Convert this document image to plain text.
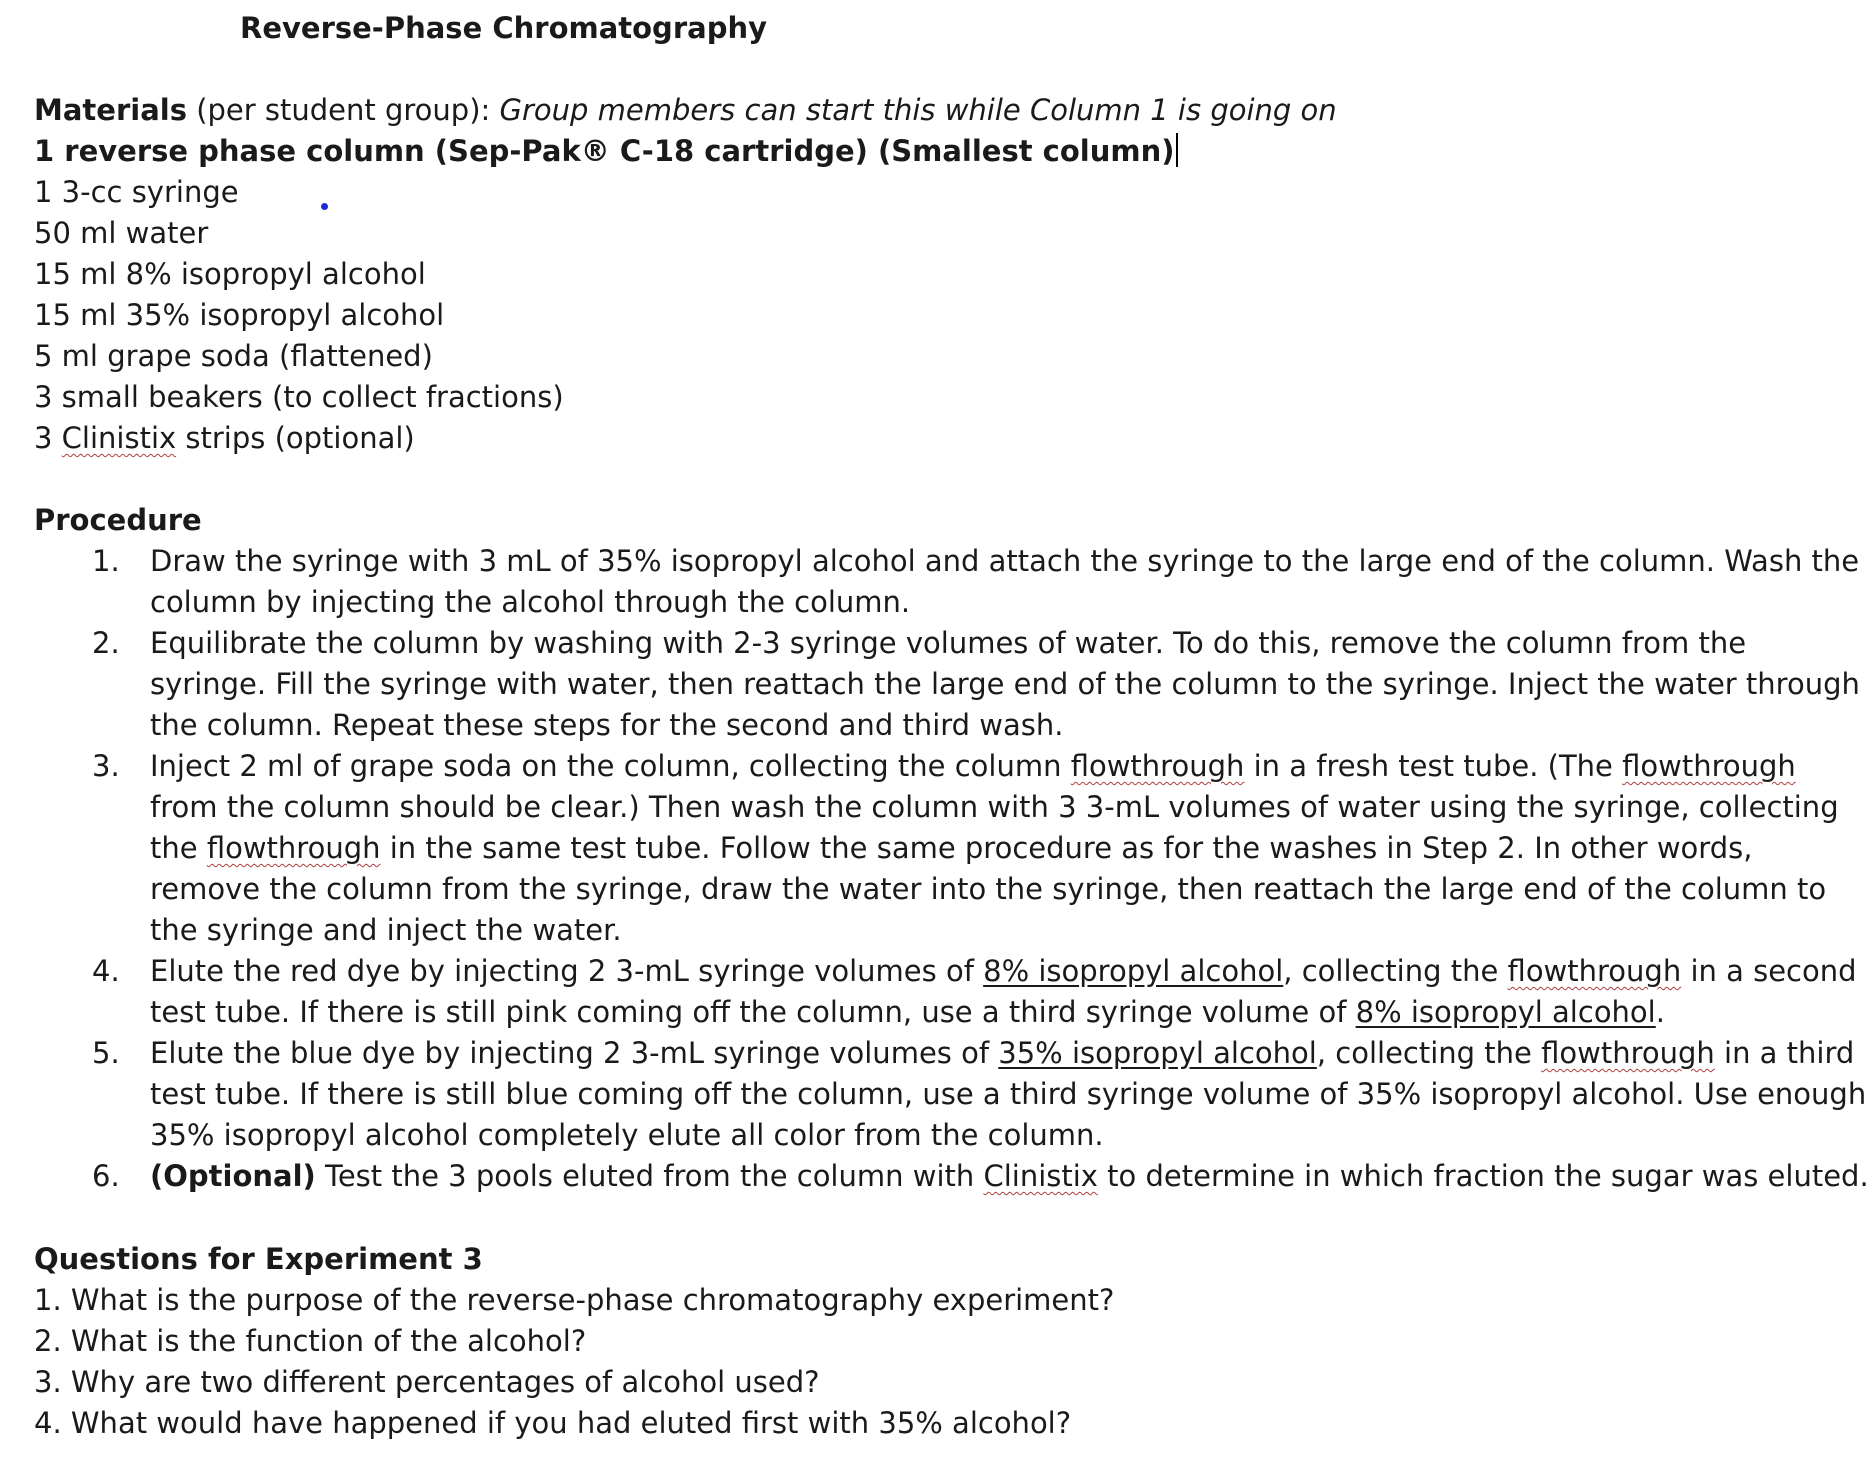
Reverse-Phase Chromatography
Materials (per student group): Group members can start this while Column 1 is going on
1 reverse phase column (Sep-Pak® C-18 cartridge) (Smallest column)
1 3-cc syringe
50 ml water
15 ml 8% isopropyl alcohol
15 ml 35% isopropyl alcohol
5 ml grape soda (flattened)
3 small beakers (to collect fractions)
3 Clinistix strips (optional)
Procedure
1. Draw the syringe with 3 mL of 35% isopropyl alcohol and attach the syringe to the large end of the column. Wash the
column by injecting the alcohol through the column.
2. Equilibrate the column by washing with 2-3 syringe volumes of water. To do this, remove the column from the
syringe. Fill the syringe with water, then reattach the large end of the column to the syringe. Inject the water through
the column. Repeat these steps for the second and third wash.
3. Inject 2 ml of grape soda on the column, collecting the column flowthrough in a fresh test tube. (The flowthrough
from the column should be clear.) Then wash the column with 3 3-mL volumes of water using the syringe, collecting
the flowthrough in the same test tube. Follow the same procedure as for the washes in Step 2. In other words,
remove the column from the syringe, draw the water into the syringe, then reattach the large end of the column to
the syringe and inject the water.
4. Elute the red dye by injecting 2 3-mL syringe volumes of 8% isopropyl alcohol, collecting the flowthrough in a second
test tube. If there is still pink coming off the column, use a third syringe volume of 8% isopropyl alcohol.
5. Elute the blue dye by injecting 2 3-mL syringe volumes of 35% isopropyl alcohol, collecting the flowthrough in a third
test tube. If there is still blue coming off the column, use a third syringe volume of 35% isopropyl alcohol. Use enough
35% isopropyl alcohol completely elute all color from the column.
6. (Optional) Test the 3 pools eluted from the column with Clinistix to determine in which fraction the sugar was eluted.
Questions for Experiment 3
1. What is the purpose of the reverse-phase chromatography experiment?
2. What is the function of the alcohol?
3. Why are two different percentages of alcohol used?
4. What would have happened if you had eluted first with 35% alcohol?
